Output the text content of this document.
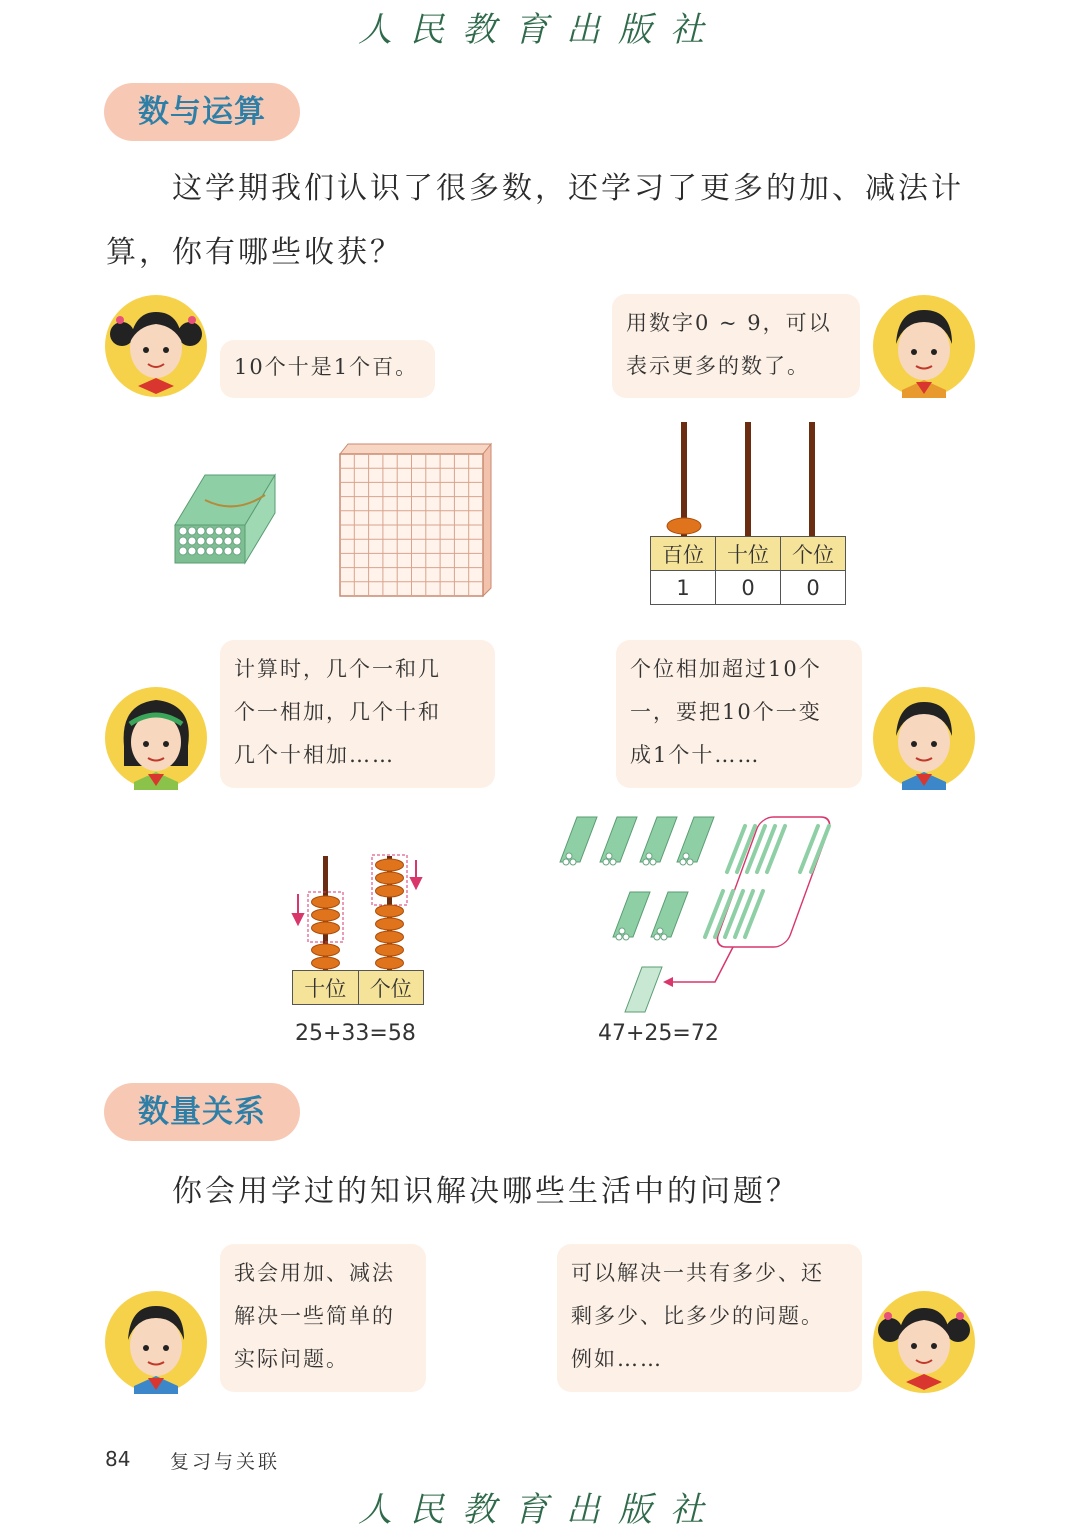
人民教育出版社
数与运算
这学期我们认识了很多数，还学习了更多的加、减法计
算，你有哪些收获？
10个十是1个百。
用数字0 ~ 9，可以
表示更多的数了。
计算时，几个一和几
个一相加，几个十和
几个十相加……
个位相加超过10个
一，要把10个一变
成1个十……
我会用加、减法
解决一些简单的
实际问题。
可以解决一共有多少、还
剩多少、比多少的问题。
例如……
百位	十位	个位
1	0	0
十位	个位
25+33=58	47+25=72
数量关系
你会用学过的知识解决哪些生活中的问题？
84 复习与关联
人民教育出版社
